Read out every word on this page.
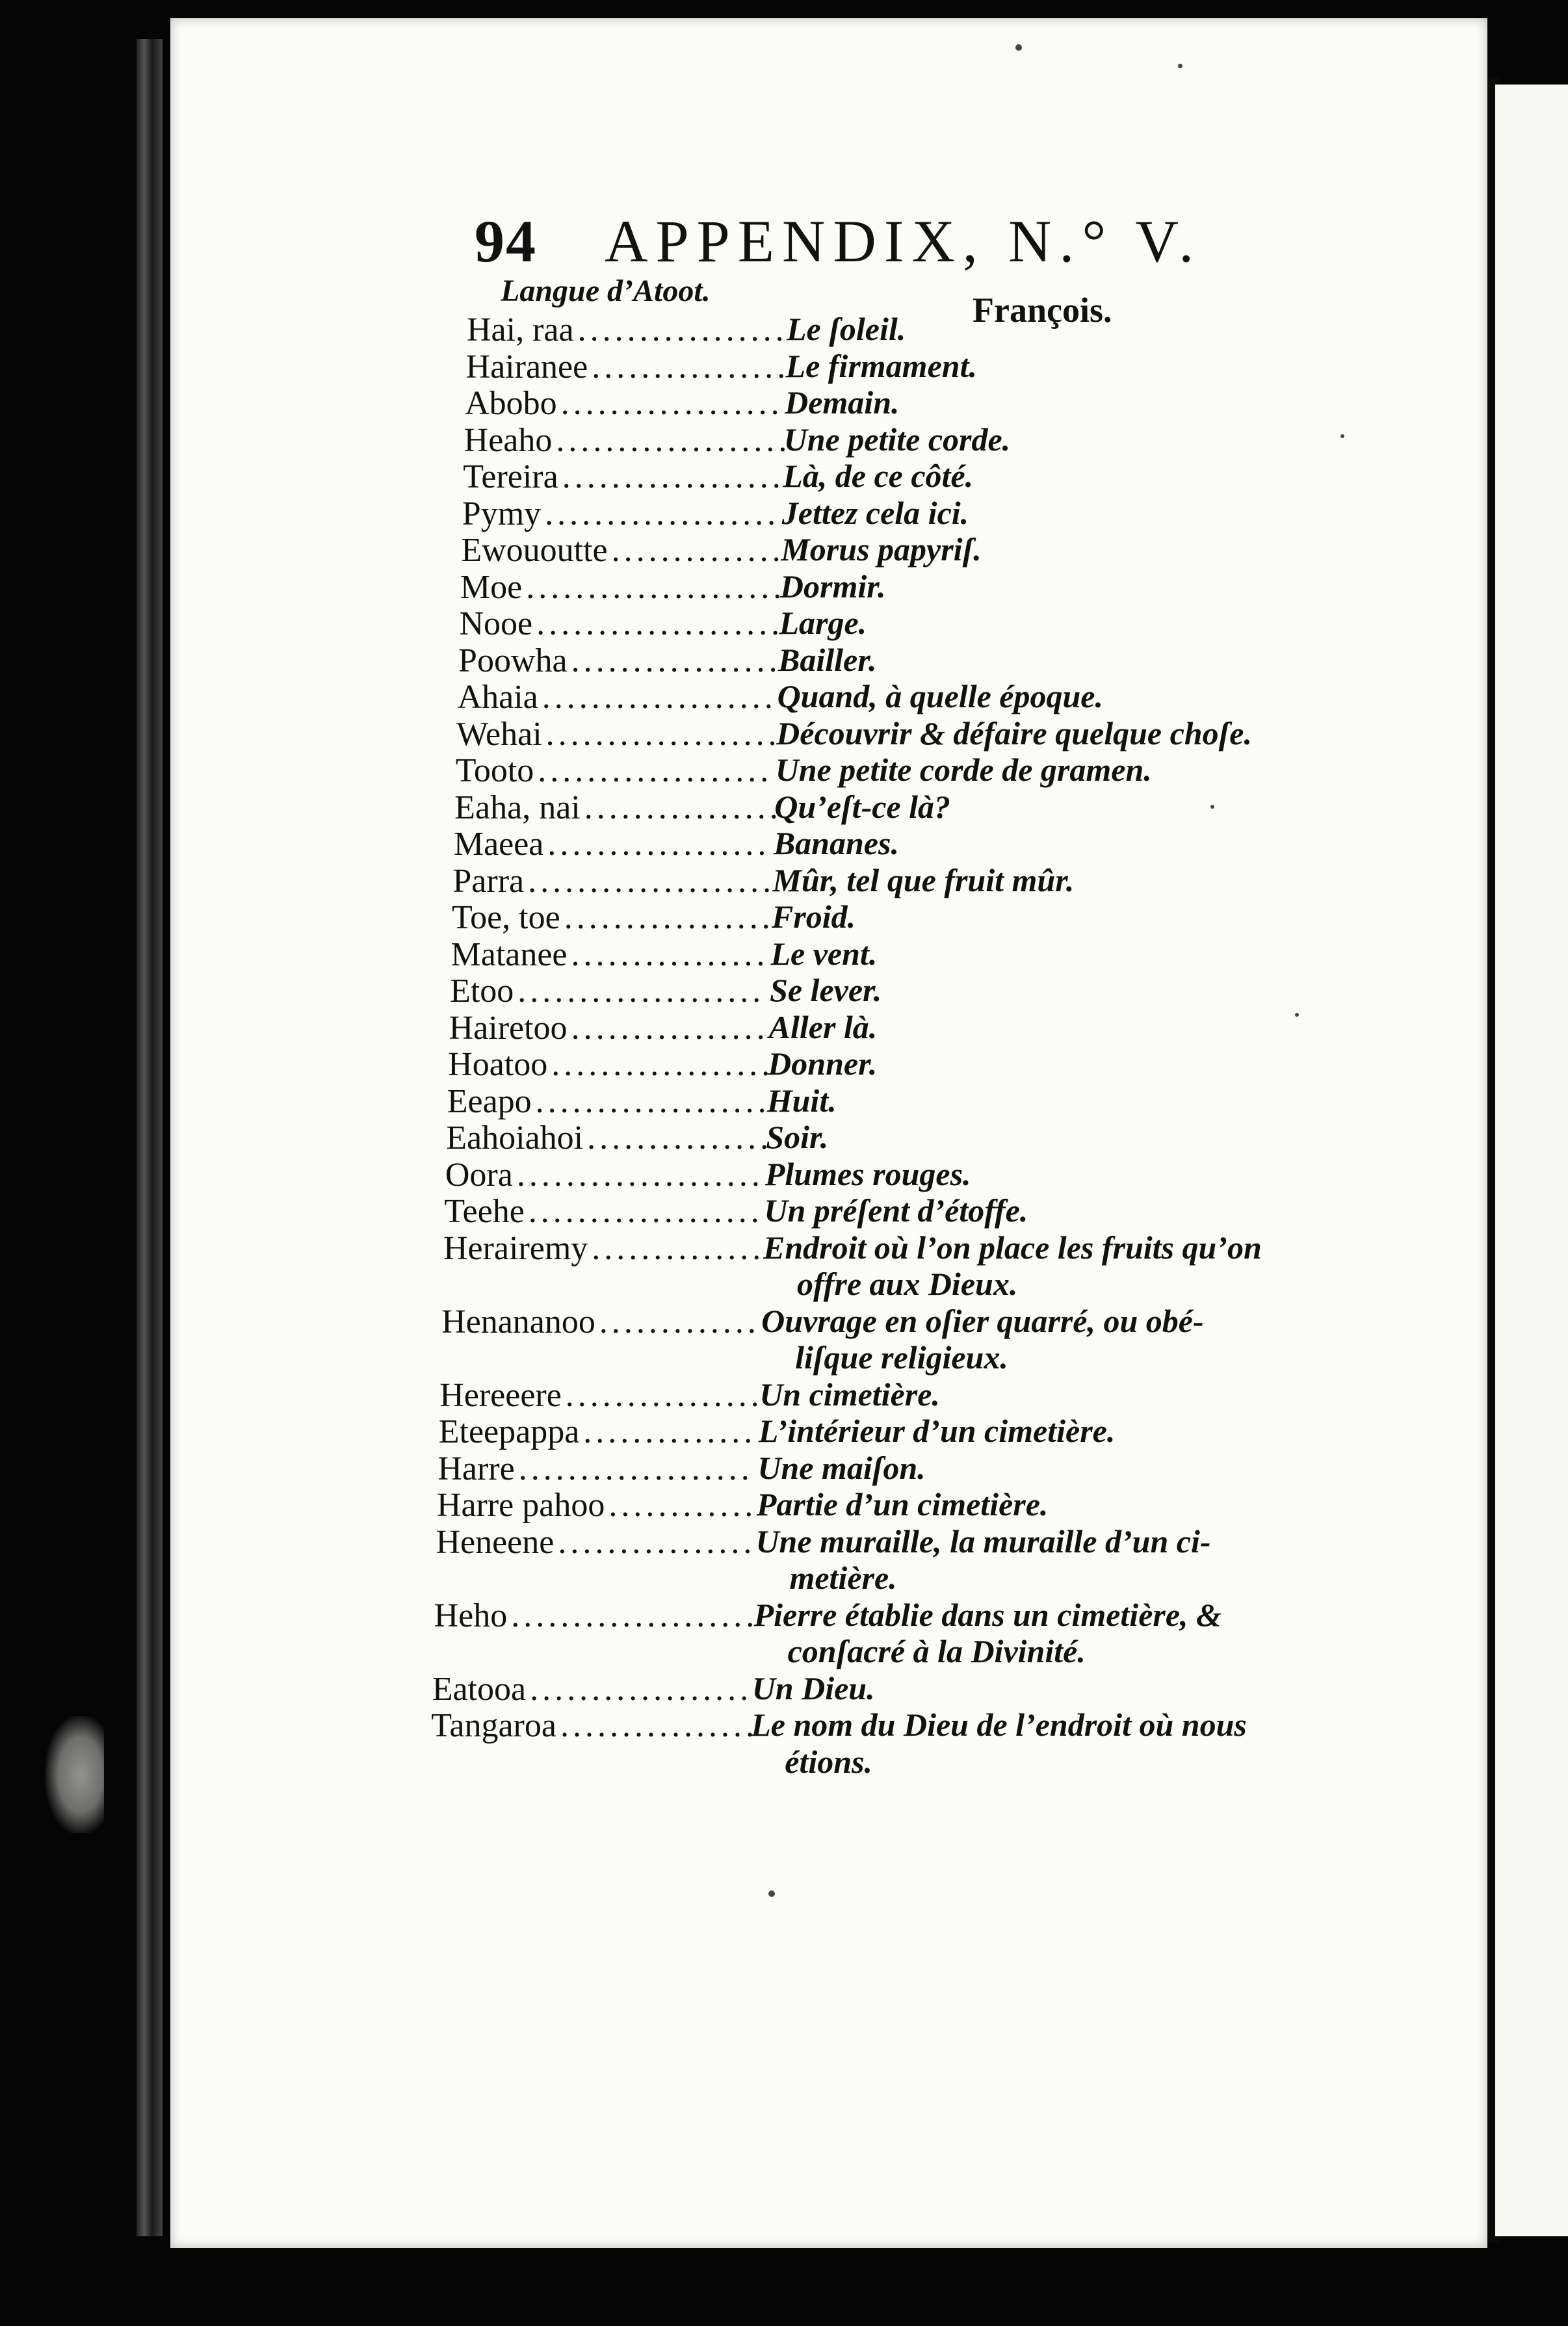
94 APPENDIX, N.° V.
Langue d’Atoot.	François.
Hai, raa .................
Le ſoleil.
Hairanee ................
Le firmament.
Abobo .................. Demain.
Heaho ...................
Une petite corde.
Tereira ..................
Là, de ce côté.
Pymy ................... Jettez cela ici.
Ewououtte ..............
Morus papyriſ.
Moe .....................
Dormir.
Nooe ....................
Large.
Poowha .................
Bailler.
Ahaia ................... Quand, à quelle époque.
Wehai ...................
Découvrir & défaire quelque choſe.
Tooto ................... Une petite corde de gramen.
Eaha, nai ................
Qu’eſt-ce là?
Maeea .................. Bananes.
Parra ....................
Mûr, tel que fruit mûr.
Toe, toe .................
Froid.
Matanee ................ Le vent.
Etoo .................... Se lever.
Hairetoo ................ Aller là.
Hoatoo ..................
Donner.
Eeapo ...................
Huit.
Eahoiahoi ...............
Soir.
Oora .................... Plumes rouges.
Teehe ................... Un préſent d’étoffe.
Herairemy ..............
Endroit où l’on place les fruits qu’on
offre aux Dieux.
Henananoo ............. Ouvrage en oſier quarré, ou obé-
liſque religieux.
Hereeere ................
Un cimetière.
Eteepappa .............. L’intérieur d’un cimetière.
Harre ................... Une maiſon.
Harre pahoo ............ Partie d’un cimetière.
Heneene ................ Une muraille, la muraille d’un ci-
metière.
Heho ....................
Pierre établie dans un cimetière, &
conſacré à la Divinité.
Eatooa .................. Un Dieu.
Tangaroa ................
Le nom du Dieu de l’endroit où nous
étions.
